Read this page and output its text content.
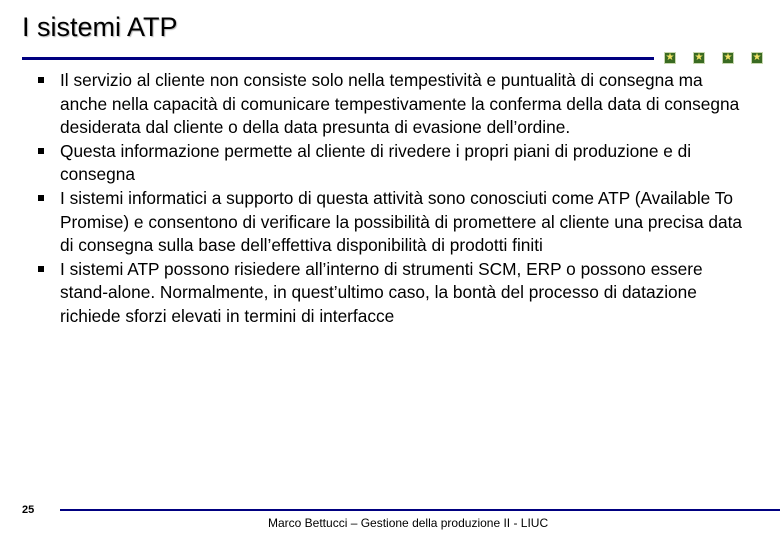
I sistemi ATP
★ ★ ★ ★
Il servizio al cliente non consiste solo nella tempestività e puntualità di consegna ma anche nella capacità di comunicare tempestivamente la conferma della data di consegna desiderata dal cliente o della data presunta di evasione dell’ordine.
Questa informazione permette al cliente di rivedere i propri piani di produzione e di consegna
I sistemi informatici a supporto di questa attività sono conosciuti come ATP (Available To Promise) e consentono di verificare la possibilità di promettere al cliente una precisa data di consegna sulla base dell’effettiva disponibilità di prodotti finiti
I sistemi ATP possono risiedere all’interno di strumenti SCM, ERP o possono essere stand-alone. Normalmente, in quest’ultimo caso, la bontà del processo di datazione richiede sforzi elevati in termini di interfacce
25
Marco Bettucci – Gestione della produzione II - LIUC
